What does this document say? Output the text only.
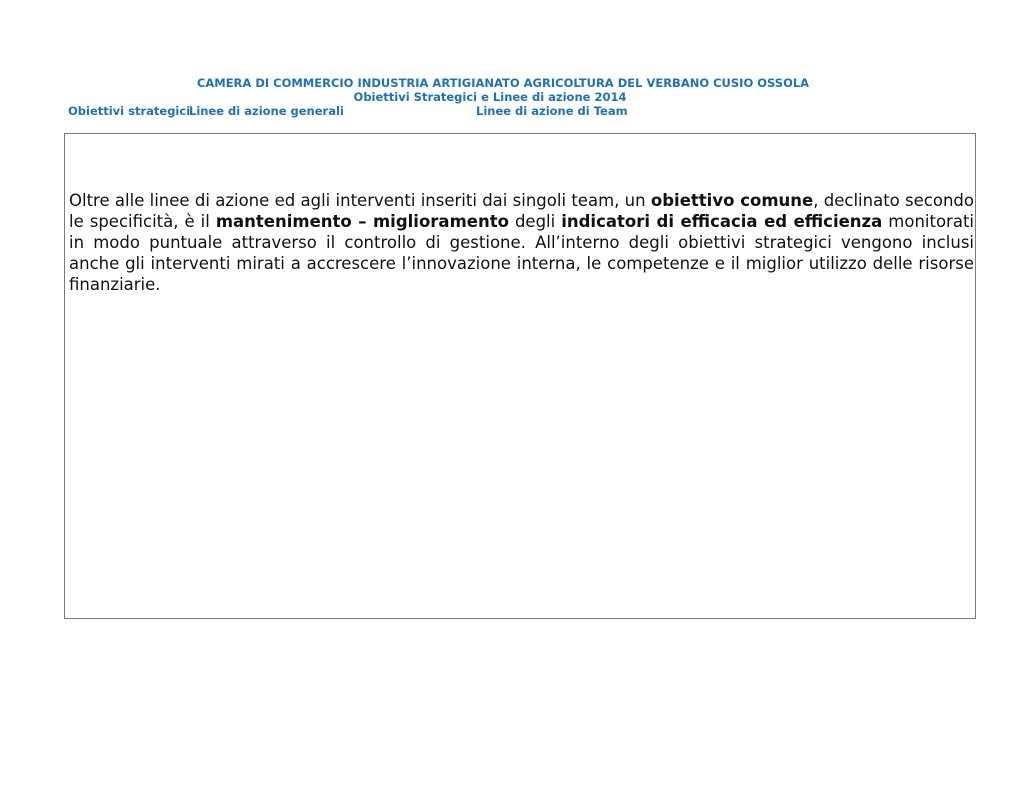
CAMERA DI COMMERCIO INDUSTRIA ARTIGIANATO AGRICOLTURA DEL VERBANO CUSIO OSSOLA
Obiettivi Strategici e Linee di azione 2014
Obiettivi strategici
Linee di azione generali	Linee di azione di Team

Oltre alle linee di azione ed agli interventi inseriti dai singoli team, un obiettivo comune, declinato secondo le specificità, è il mantenimento – miglioramento degli indicatori di efficacia ed efficienza monitorati in modo puntuale attraverso il controllo di gestione. All’interno degli obiettivi strategici vengono inclusi anche gli interventi mirati a accrescere l’innovazione interna, le competenze e il miglior utilizzo delle risorse finanziarie.
